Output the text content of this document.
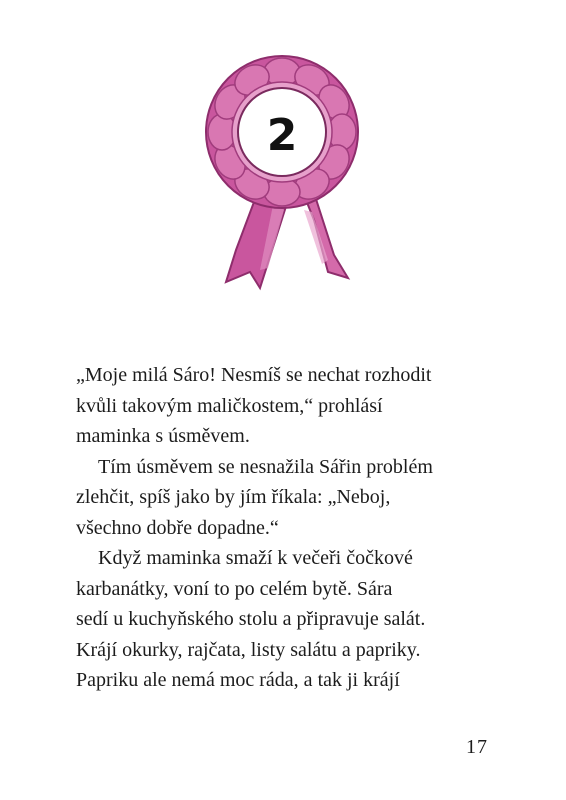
2
„Moje milá Sáro! Nesmíš se nechat rozhodit
kvůli takovým maličkostem,“ prohlásí
maminka s úsměvem.
Tím úsměvem se nesnažila Sářin problém
zlehčit, spíš jako by jím říkala: „Neboj,
všechno dobře dopadne.“
Když maminka smaží k večeři čočkové
karbanátky, voní to po celém bytě. Sára
sedí u kuchyňského stolu a připravuje salát.
Krájí okurky, rajčata, listy salátu a papriky.
Papriku ale nemá moc ráda, a tak ji krájí
17
